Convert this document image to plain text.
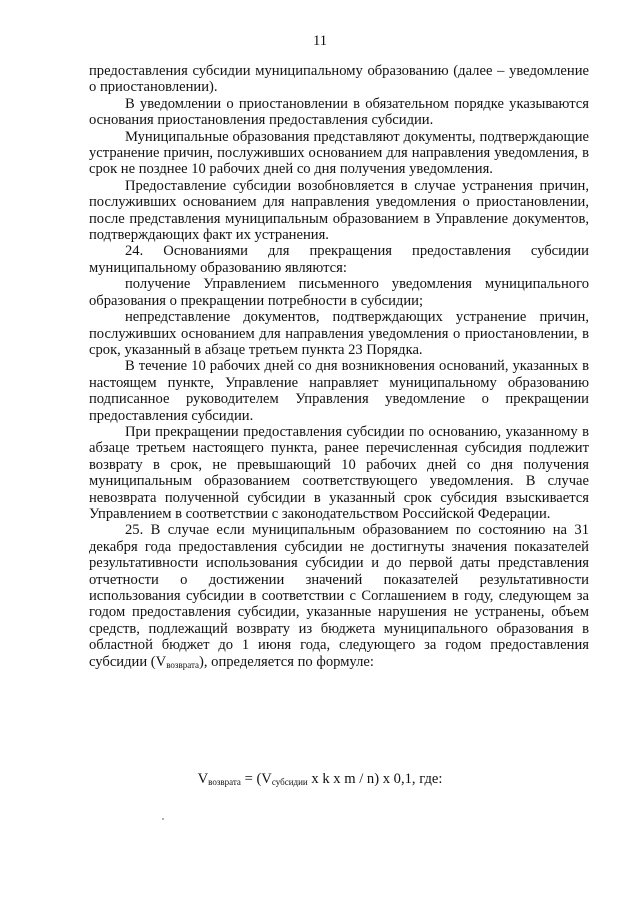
11

предоставления субсидии муниципальному образованию (далее – уведомление о приостановлении).

В уведомлении о приостановлении в обязательном порядке указываются основания приостановления предоставления субсидии.

Муниципальные образования представляют документы, подтверждающие устранение причин, послуживших основанием для направления уведомления, в срок не позднее 10 рабочих дней со дня получения уведомления.

Предоставление субсидии возобновляется в случае устранения причин, послуживших основанием для направления уведомления о приостановлении, после представления муниципальным образованием в Управление документов, подтверждающих факт их устранения.

24. Основаниями для прекращения предоставления субсидии муниципальному образованию являются:

получение Управлением письменного уведомления муниципального образования о прекращении потребности в субсидии;

непредставление документов, подтверждающих устранение причин, послуживших основанием для направления уведомления о приостановлении, в срок, указанный в абзаце третьем пункта 23 Порядка.

В течение 10 рабочих дней со дня возникновения оснований, указанных в настоящем пункте, Управление направляет муниципальному образованию подписанное руководителем Управления уведомление о прекращении предоставления субсидии.

При прекращении предоставления субсидии по основанию, указанному в абзаце третьем настоящего пункта, ранее перечисленная субсидия подлежит возврату в срок, не превышающий 10 рабочих дней со дня получения муниципальным образованием соответствующего уведомления. В случае невозврата полученной субсидии в указанный срок субсидия взыскивается Управлением в соответствии с законодательством Российской Федерации.

25. В случае если муниципальным образованием по состоянию на 31 декабря года предоставления субсидии не достигнуты значения показателей результативности использования субсидии и до первой даты представления отчетности о достижении значений показателей результативности использования субсидии в соответствии с Соглашением в году, следующем за годом предоставления субсидии, указанные нарушения не устранены, объем средств, подлежащий возврату из бюджета муниципального образования в областной бюджет до 1 июня года, следующего за годом предоставления субсидии $(V_{возврата})$, определяется по формуле:

$V_{возврата} = (V_{субсидии}$ x k x m / n) x 0,1, где:
